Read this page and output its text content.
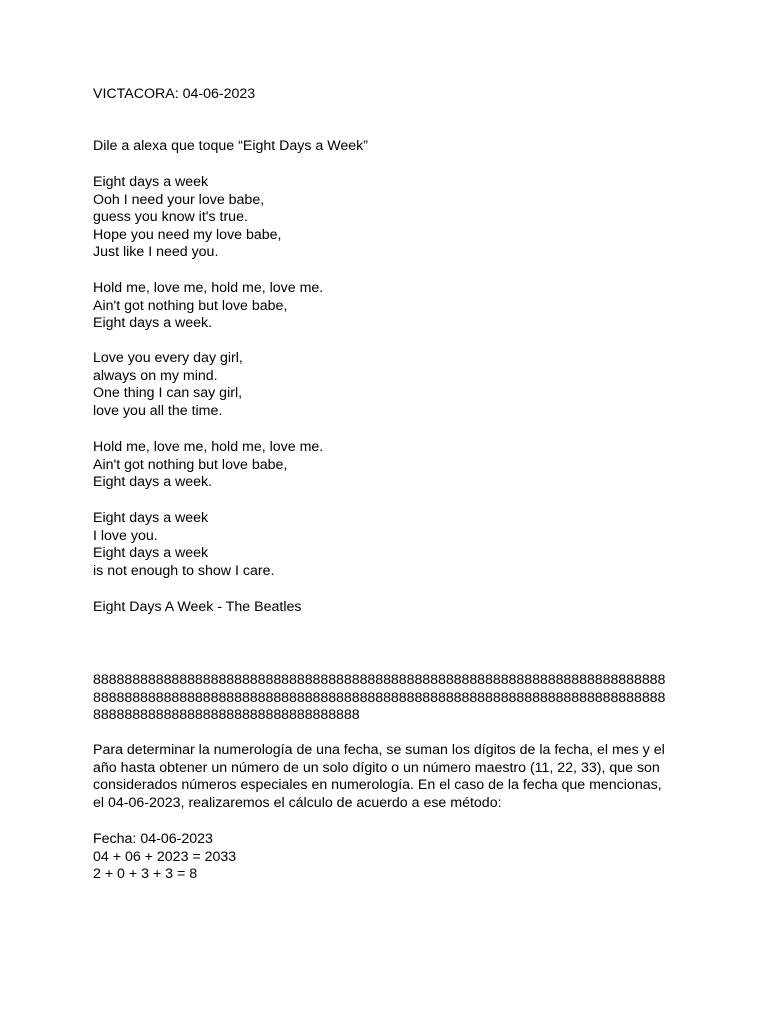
VICTACORA: 04-06-2023

Dile a alexa que toque “Eight Days a Week”

Eight days a week
Ooh I need your love babe,
guess you know it's true.
Hope you need my love babe,
Just like I need you.

Hold me, love me, hold me, love me.
Ain't got nothing but love babe,
Eight days a week.

Love you every day girl,
always on my mind.
One thing I can say girl,
love you all the time.

Hold me, love me, hold me, love me.
Ain't got nothing but love babe,
Eight days a week.

Eight days a week
I love you.
Eight days a week
is not enough to show I care.

Eight Days A Week - The Beatles

888888888888888888888888888888888888888888888888888888888888888888888888888888888888888888888888888888888888888888888888888888888888888888888888888888888888888888888888888888888888

Para determinar la numerología de una fecha, se suman los dígitos de la fecha, el mes y el año hasta obtener un número de un solo dígito o un número maestro (11, 22, 33), que son considerados números especiales en numerología. En el caso de la fecha que mencionas, el 04-06-2023, realizaremos el cálculo de acuerdo a ese método:

Fecha: 04-06-2023
04 + 06 + 2023 = 2033
2 + 0 + 3 + 3 = 8
